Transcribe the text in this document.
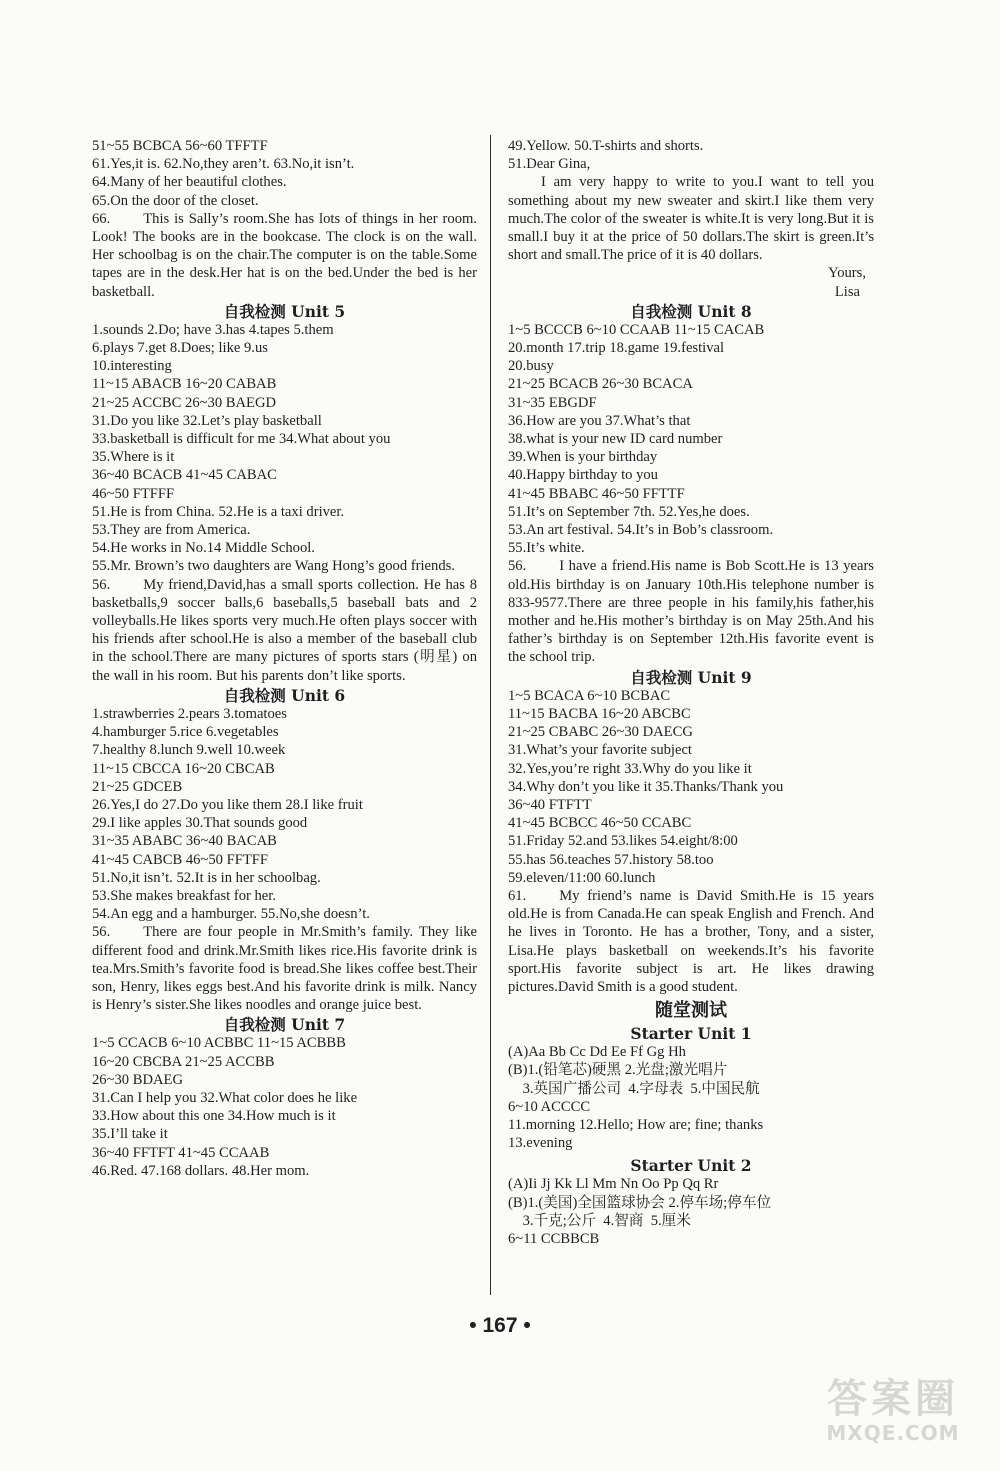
51~55 BCBCA 56~60 TFFTF

61.Yes,it is. 62.No,they aren’t. 63.No,it isn’t.

64.Many of her beautiful clothes.

65.On the door of the closet.

66. This is Sally’s room.She has lots of things in her room. Look! The books are in the bookcase. The clock is on the wall. Her schoolbag is on the chair.The computer is on the table.Some tapes are in the desk.Her hat is on the bed.Under the bed is her basketball.

自我检测 Unit 5

1.sounds 2.Do; have 3.has 4.tapes 5.them

6.plays 7.get 8.Does; like 9.us

10.interesting

11~15 ABACB 16~20 CABAB

21~25 ACCBC 26~30 BAEGD

31.Do you like 32.Let’s play basketball

33.basketball is difficult for me 34.What about you

35.Where is it

36~40 BCACB 41~45 CABAC

46~50 FTFFF

51.He is from China. 52.He is a taxi driver.

53.They are from America.

54.He works in No.14 Middle School.

55.Mr. Brown’s two daughters are Wang Hong’s good friends.

56. My friend,David,has a small sports collection. He has 8 basketballs,9 soccer balls,6 baseballs,5 baseball bats and 2 volleyballs.He likes sports very much.He often plays soccer with his friends after school.He is also a member of the baseball club in the school.There are many pictures of sports stars (明星) on the wall in his room. But his parents don’t like sports.

自我检测 Unit 6

1.strawberries 2.pears 3.tomatoes

4.hamburger 5.rice 6.vegetables

7.healthy 8.lunch 9.well 10.week

11~15 CBCCA 16~20 CBCAB

21~25 GDCEB

26.Yes,I do 27.Do you like them 28.I like fruit

29.I like apples 30.That sounds good

31~35 ABABC 36~40 BACAB

41~45 CABCB 46~50 FFTFF

51.No,it isn’t. 52.It is in her schoolbag.

53.She makes breakfast for her.

54.An egg and a hamburger. 55.No,she doesn’t.

56. There are four people in Mr.Smith’s family. They like different food and drink.Mr.Smith likes rice.His favorite drink is tea.Mrs.Smith’s favorite food is bread.She likes coffee best.Their son, Henry, likes eggs best.And his favorite drink is milk. Nancy is Henry’s sister.She likes noodles and orange juice best.

自我检测 Unit 7

1~5 CCACB 6~10 ACBBC 11~15 ACBBB

16~20 CBCBA 21~25 ACCBB

26~30 BDAEG

31.Can I help you 32.What color does he like

33.How about this one 34.How much is it

35.I’ll take it

36~40 FFTFT 41~45 CCAAB

46.Red. 47.168 dollars. 48.Her mom.

49.Yellow. 50.T-shirts and shorts.

51.Dear Gina,

I am very happy to write to you.I want to tell you something about my new sweater and skirt.I like them very much.The color of the sweater is white.It is very long.But it is small.I buy it at the price of 50 dollars.The skirt is green.It’s short and small.The price of it is 40 dollars.

Yours,

Lisa

自我检测 Unit 8

1~5 BCCCB 6~10 CCAAB 11~15 CACAB

20.month 17.trip 18.game 19.festival

20.busy

21~25 BCACB 26~30 BCACA

31~35 EBGDF

36.How are you 37.What’s that

38.what is your new ID card number

39.When is your birthday

40.Happy birthday to you

41~45 BBABC 46~50 FFTTF

51.It’s on September 7th. 52.Yes,he does.

53.An art festival. 54.It’s in Bob’s classroom.

55.It’s white.

56. I have a friend.His name is Bob Scott.He is 13 years old.His birthday is on January 10th.His telephone number is 833-9577.There are three people in his family,his father,his mother and he.His mother’s birthday is on May 25th.And his father’s birthday is on September 12th.His favorite event is the school trip.

自我检测 Unit 9

1~5 BCACA 6~10 BCBAC

11~15 BACBA 16~20 ABCBC

21~25 CBABC 26~30 DAECG

31.What’s your favorite subject

32.Yes,you’re right 33.Why do you like it

34.Why don’t you like it 35.Thanks/Thank you

36~40 FTFTT

41~45 BCBCC 46~50 CCABC

51.Friday 52.and 53.likes 54.eight/8:00

55.has 56.teaches 57.history 58.too

59.eleven/11:00 60.lunch

61. My friend’s name is David Smith.He is 15 years old.He is from Canada.He can speak English and French. And he lives in Toronto. He has a brother, Tony, and a sister, Lisa.He plays basketball on weekends.It’s his favorite sport.His favorite subject is art. He likes drawing pictures.David Smith is a good student.

随堂测试

Starter Unit 1

(A)Aa Bb Cc Dd Ee Ff Gg Hh

(B)1.(铅笔芯)硬黑 2.光盘;激光唱片

3.英国广播公司  4.字母表  5.中国民航

6~10 ACCCC

11.morning 12.Hello; How are; fine; thanks

13.evening

Starter Unit 2

(A)Ii Jj Kk Ll Mm Nn Oo Pp Qq Rr

(B)1.(美国)全国篮球协会 2.停车场;停车位

3.千克;公斤  4.智商  5.厘米

6~11 CCBBCB

• 167 •
答案圈
MXQE.COM
